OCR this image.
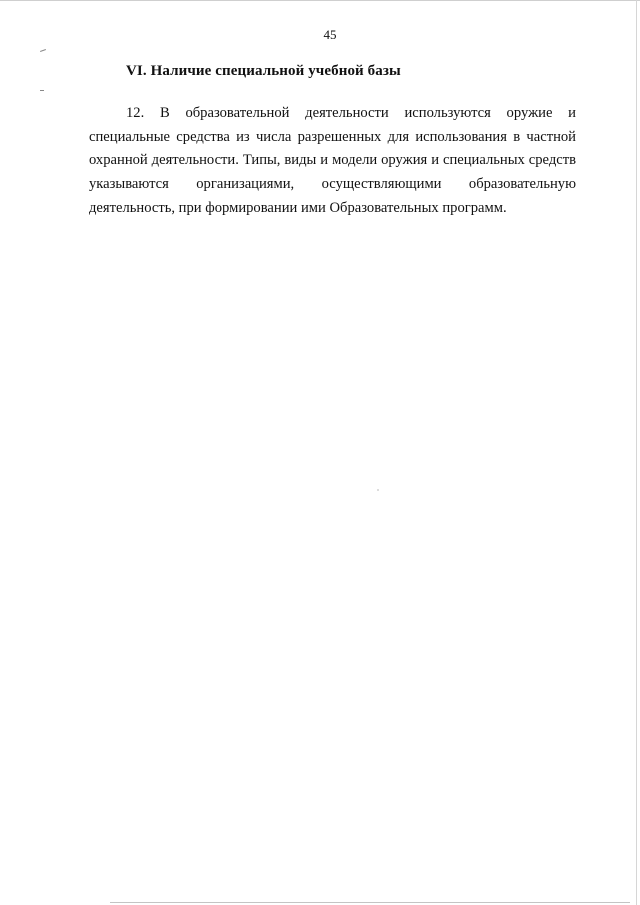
45
VI. Наличие специальной учебной базы

12. В образовательной деятельности используются оружие и специальные средства из числа разрешенных для использования в частной охранной деятельности. Типы, виды и модели оружия и специальных средств указываются организациями, осуществляющими образовательную деятельность, при формировании ими Образовательных программ.
